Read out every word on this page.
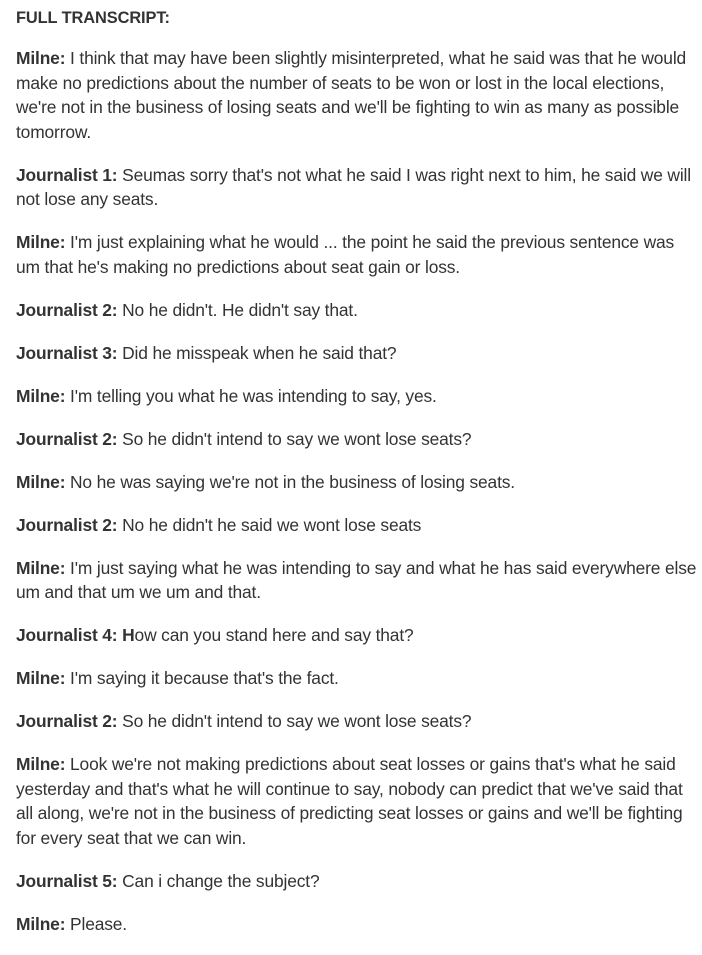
FULL TRANSCRIPT:
Milne: I think that may have been slightly misinterpreted, what he said was that he would make no predictions about the number of seats to be won or lost in the local elections, we're not in the business of losing seats and we'll be fighting to win as many as possible tomorrow.
Journalist 1: Seumas sorry that's not what he said I was right next to him, he said we will not lose any seats.
Milne: I'm just explaining what he would ... the point he said the previous sentence was um that he's making no predictions about seat gain or loss.
Journalist 2: No he didn't. He didn't say that.
Journalist 3: Did he misspeak when he said that?
Milne: I'm telling you what he was intending to say, yes.
Journalist 2: So he didn't intend to say we wont lose seats?
Milne: No he was saying we're not in the business of losing seats.
Journalist 2: No he didn't he said we wont lose seats
Milne: I'm just saying what he was intending to say and what he has said everywhere else um and that um we um and that.
Journalist 4: How can you stand here and say that?
Milne: I'm saying it because that's the fact.
Journalist 2: So he didn't intend to say we wont lose seats?
Milne: Look we're not making predictions about seat losses or gains that's what he said yesterday and that's what he will continue to say, nobody can predict that we've said that all along, we're not in the business of predicting seat losses or gains and we'll be fighting for every seat that we can win.
Journalist 5: Can i change the subject?
Milne: Please.
